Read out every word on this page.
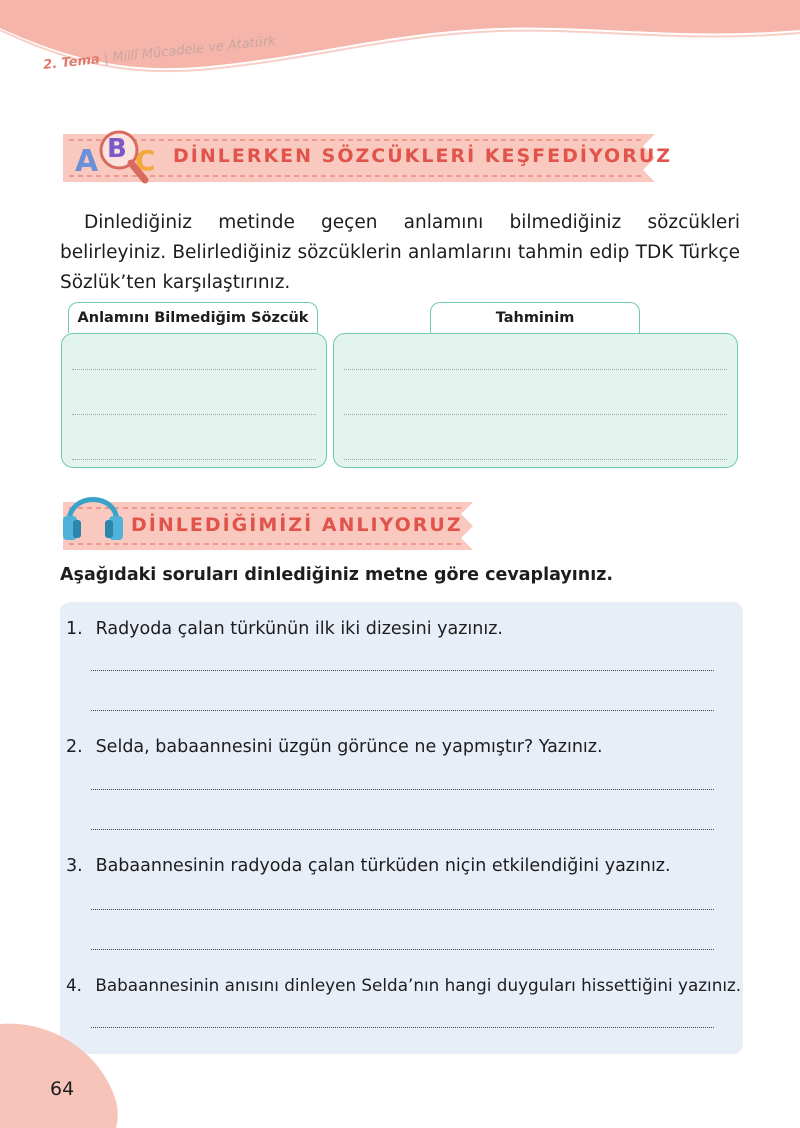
2. Tema | Millî Mücadele ve Atatürk
A B C DİNLERKEN SÖZCÜKLERİ KEŞFEDİYORUZ

Dinlediğiniz metinde geçen anlamını bilmediğiniz sözcükleri belirleyiniz. Belirlediğiniz sözcüklerin anlamlarını tahmin edip TDK Türkçe Sözlük’ten karşılaştırınız.

Anlamını Bilmediğim Sözcük	Tahminim
DİNLEDİĞİMİZİ ANLIYORUZ

Aşağıdaki soruları dinlediğiniz metne göre cevaplayınız.

1. Radyoda çalan türkünün ilk iki dizesini yazınız.

2. Selda, babaannesini üzgün görünce ne yapmıştır? Yazınız.

3. Babaannesinin radyoda çalan türküden niçin etkilendiğini yazınız.

4. Babaannesinin anısını dinleyen Selda’nın hangi duyguları hissettiğini yazınız.

64
